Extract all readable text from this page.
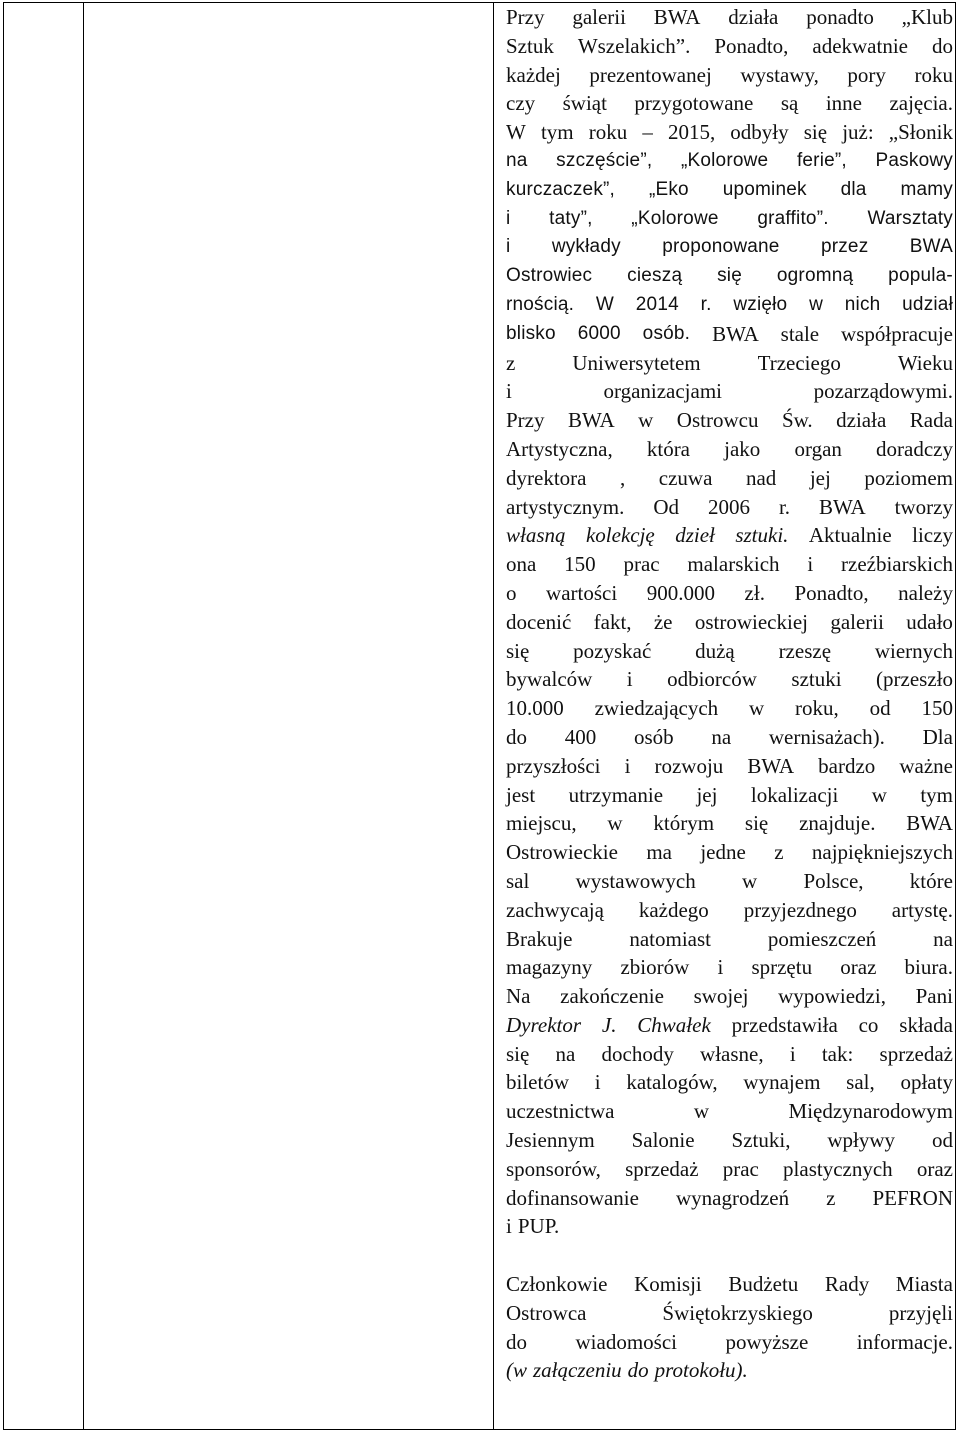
Przy galerii BWA działa ponadto „Klub
Sztuk Wszelakich”. Ponadto, adekwatnie do
każdej prezentowanej wystawy, pory roku
czy świąt przygotowane są inne zajęcia.
W tym roku – 2015, odbyły się już: „Słonik
na szczęście”, „Kolorowe ferie”, Paskowy
kurczaczek”, „Eko upominek dla mamy
i taty”, „Kolorowe graffito”. Warsztaty
i wykłady proponowane przez BWA
Ostrowiec cieszą się ogromną popula-
rnością. W 2014 r. wzięło w nich udział
blisko 6000 osób. BWA stale współpracuje
z	Uniwersytetem	Trzeciego	Wieku
i	organizacjami	pozarządowymi.
Przy BWA w Ostrowcu Św. działa Rada
Artystyczna, która jako organ doradczy
dyrektora , czuwa nad jej poziomem
artystycznym. Od 2006 r. BWA tworzy
własną kolekcję dzieł sztuki. Aktualnie liczy
ona 150 prac malarskich i rzeźbiarskich
o wartości 900.000 zł. Ponadto, należy
docenić fakt, że ostrowieckiej galerii udało
się pozyskać dużą rzeszę wiernych
bywalców i odbiorców sztuki (przeszło
10.000 zwiedzających w roku, od 150
do 400 osób na wernisażach). Dla
przyszłości i rozwoju BWA bardzo ważne
jest utrzymanie jej lokalizacji w tym
miejscu, w którym się znajduje. BWA
Ostrowieckie ma jedne z najpiękniejszych
sal wystawowych w Polsce, które
zachwycają każdego przyjezdnego artystę.
Brakuje	natomiast	pomieszczeń	na
magazyny zbiorów i sprzętu oraz biura.
Na zakończenie swojej wypowiedzi, Pani
Dyrektor J. Chwałek przedstawiła co składa
się na dochody własne, i tak: sprzedaż
biletów i katalogów, wynajem sal, opłaty
uczestnictwa	w	Międzynarodowym
Jesiennym Salonie Sztuki, wpływy od
sponsorów, sprzedaż prac plastycznych oraz
dofinansowanie wynagrodzeń z PEFRON
i PUP.
Członkowie Komisji Budżetu Rady Miasta
Ostrowca	Świętokrzyskiego	przyjęli
do wiadomości powyższe informacje.
(w załączeniu do protokołu).
